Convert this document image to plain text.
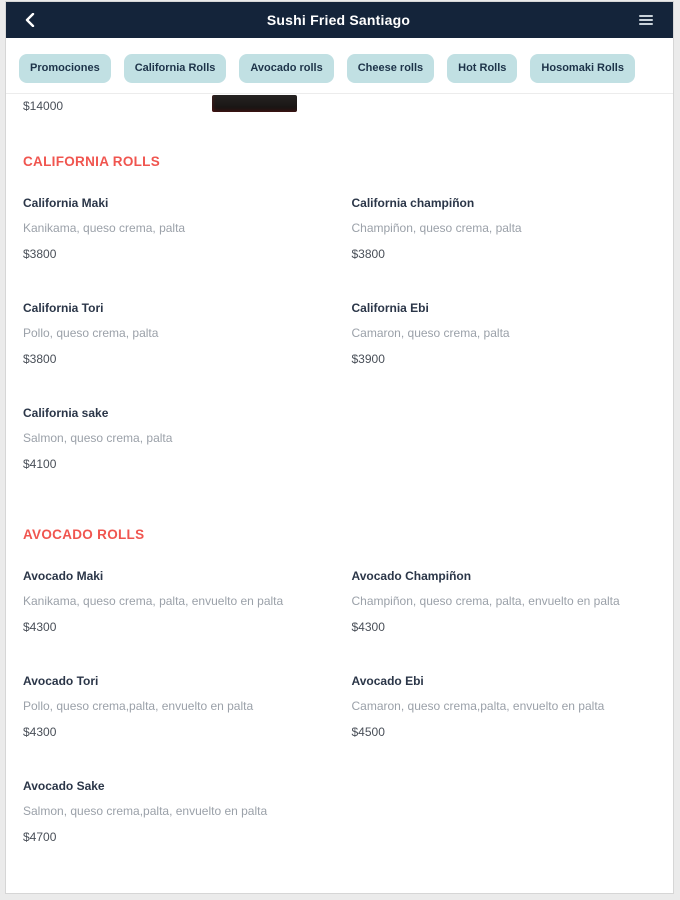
Sushi Fried Santiago
Promociones	California Rolls	Avocado rolls	Cheese rolls	Hot Rolls	Hosomaki Rolls
$14000
CALIFORNIA ROLLS
California Maki
Kanikama, queso crema, palta
$3800
California champiñon
Champiñon, queso crema, palta
$3800
California Tori
Pollo, queso crema, palta
$3800
California Ebi
Camaron, queso crema, palta
$3900
California sake
Salmon, queso crema, palta
$4100
AVOCADO ROLLS
Avocado Maki
Kanikama, queso crema, palta, envuelto en palta
$4300
Avocado Champiñon
Champiñon, queso crema, palta, envuelto en palta
$4300
Avocado Tori
Pollo, queso crema,palta, envuelto en palta
$4300
Avocado Ebi
Camaron, queso crema,palta, envuelto en palta
$4500
Avocado Sake
Salmon, queso crema,palta, envuelto en palta
$4700
